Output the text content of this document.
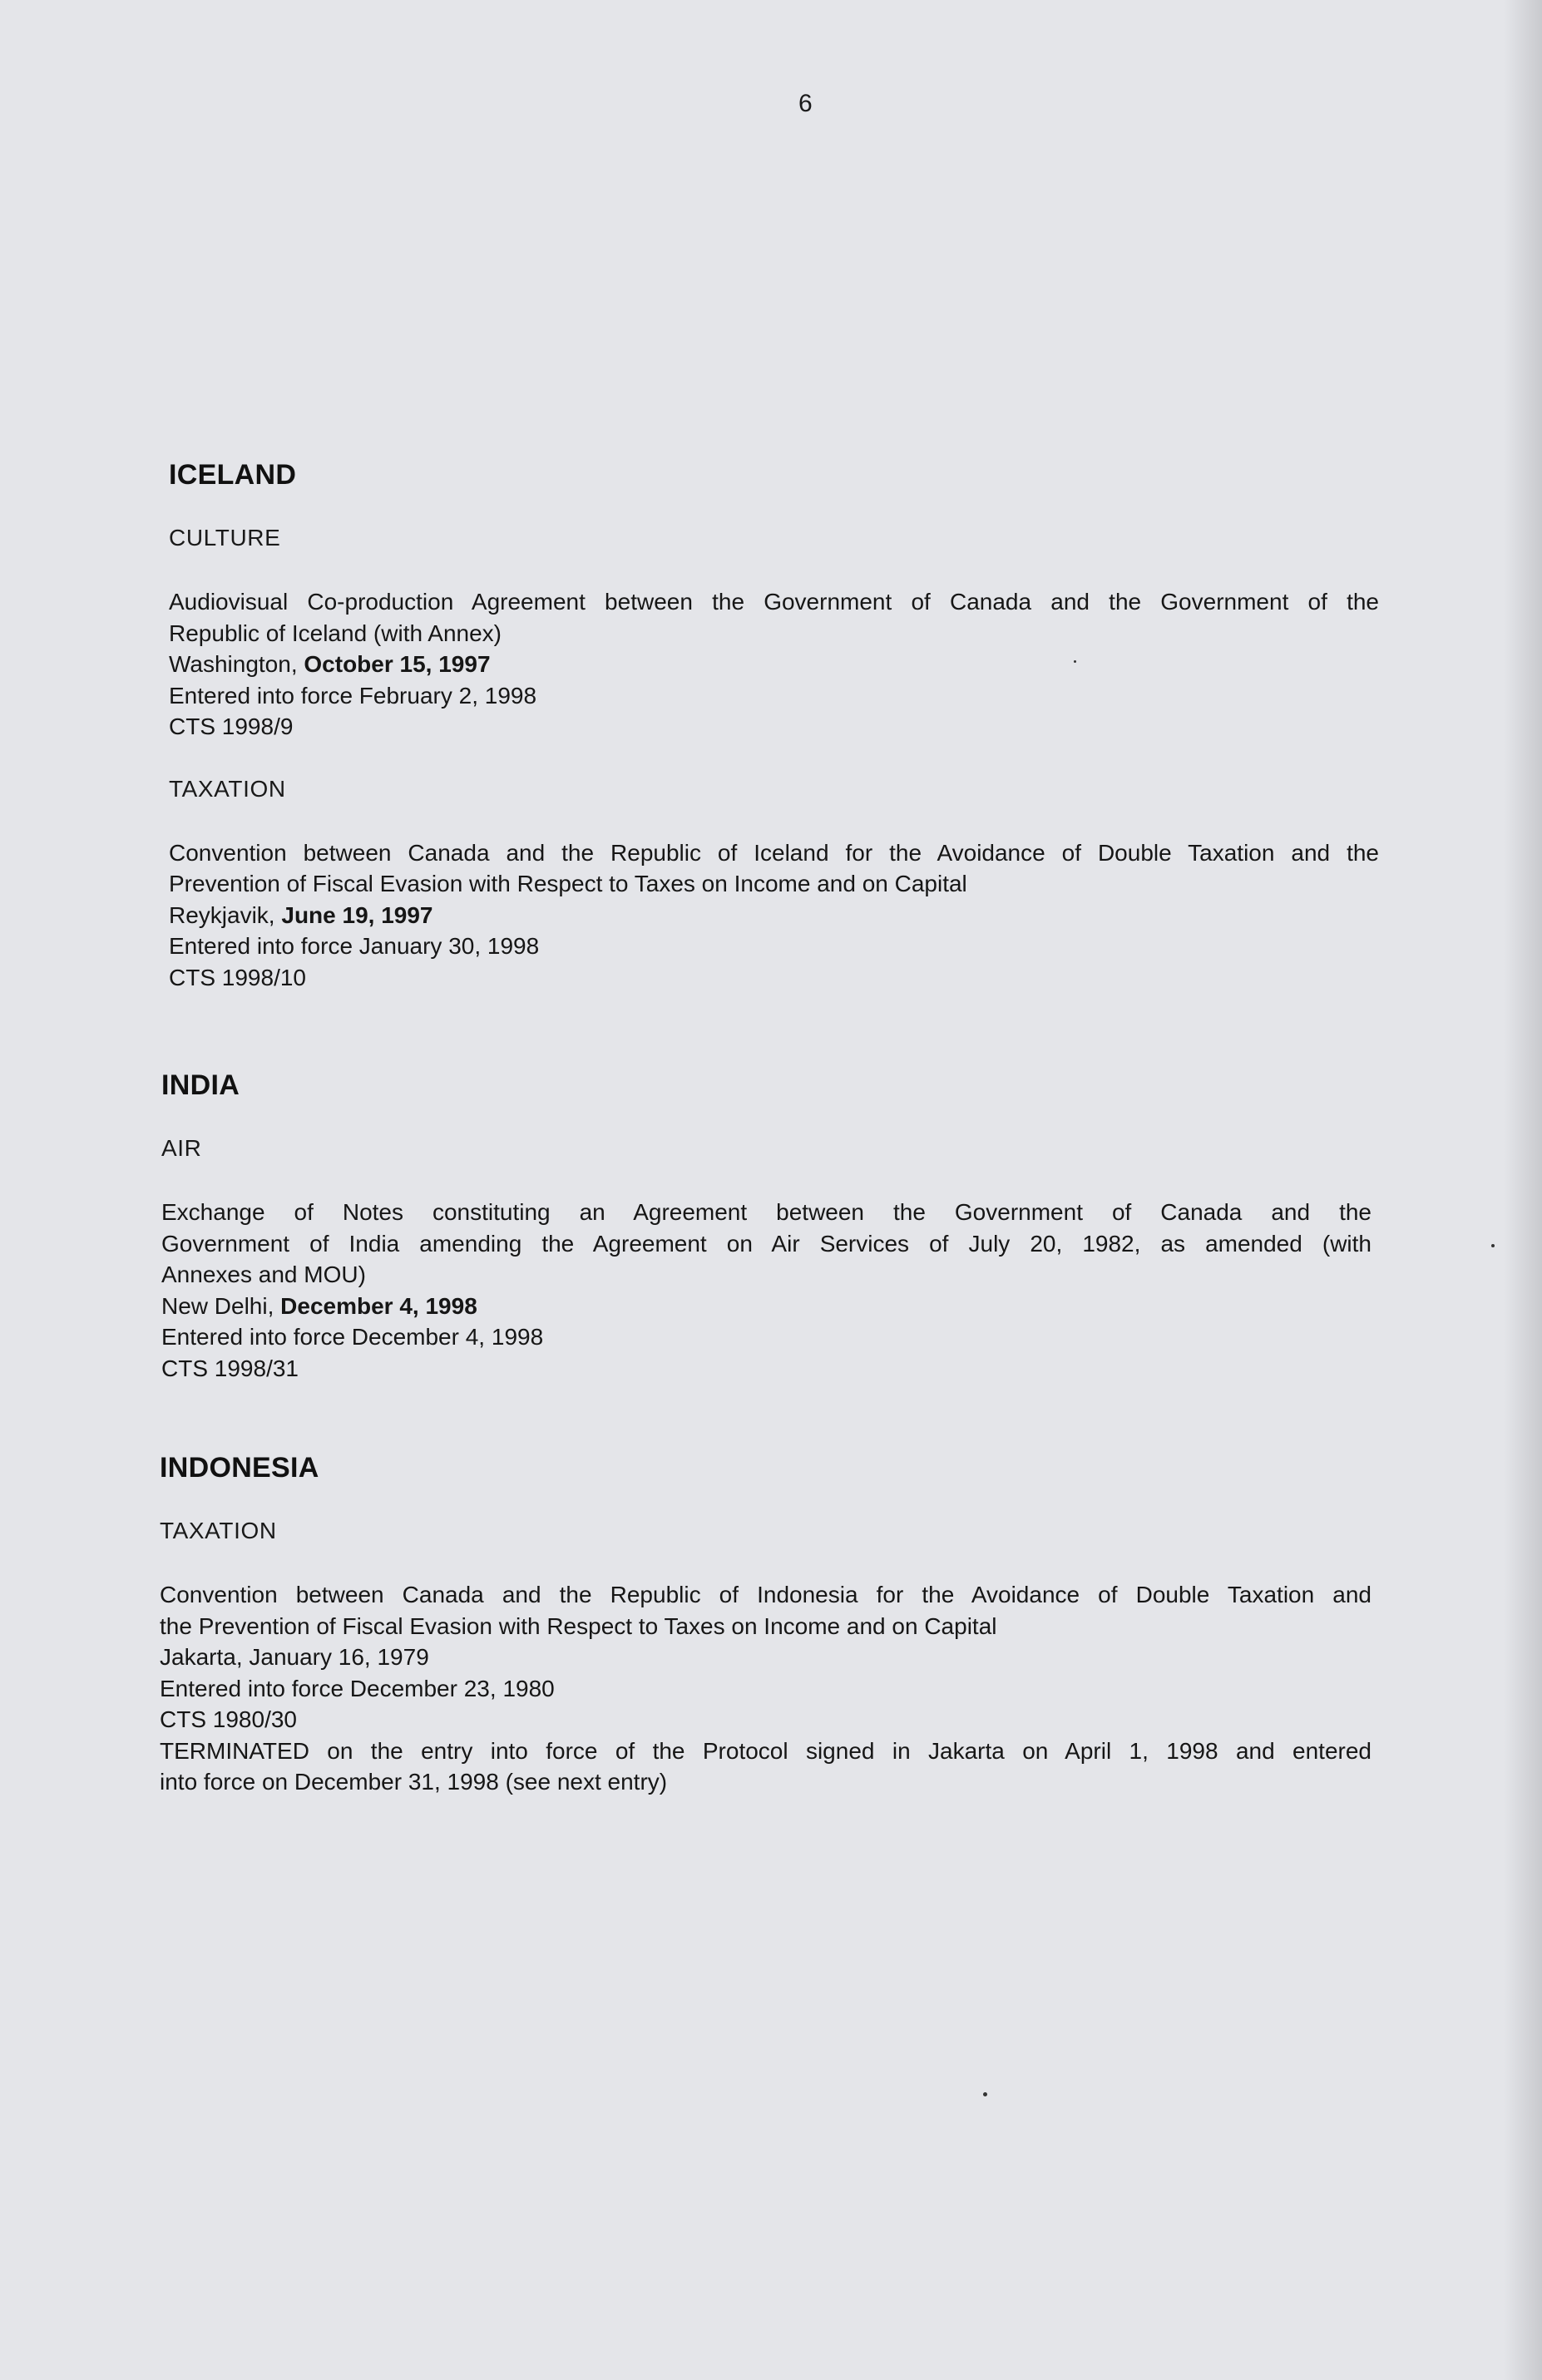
6
ICELAND
CULTURE
Audiovisual Co-production Agreement between the Government of Canada and the Government of the
Republic of Iceland (with Annex)
Washington, October 15, 1997
Entered into force February 2, 1998
CTS 1998/9
TAXATION
Convention between Canada and the Republic of Iceland for the Avoidance of Double Taxation and the
Prevention of Fiscal Evasion with Respect to Taxes on Income and on Capital
Reykjavik, June 19, 1997
Entered into force January 30, 1998
CTS 1998/10
INDIA
AIR
Exchange of Notes constituting an Agreement between the Government of Canada and the
Government of India amending the Agreement on Air Services of July 20, 1982, as amended (with
Annexes and MOU)
New Delhi, December 4, 1998
Entered into force December 4, 1998
CTS 1998/31
INDONESIA
TAXATION
Convention between Canada and the Republic of Indonesia for the Avoidance of Double Taxation and
the Prevention of Fiscal Evasion with Respect to Taxes on Income and on Capital
Jakarta, January 16, 1979
Entered into force December 23, 1980
CTS 1980/30
TERMINATED on the entry into force of the Protocol signed in Jakarta on April 1, 1998 and entered
into force on December 31, 1998 (see next entry)
